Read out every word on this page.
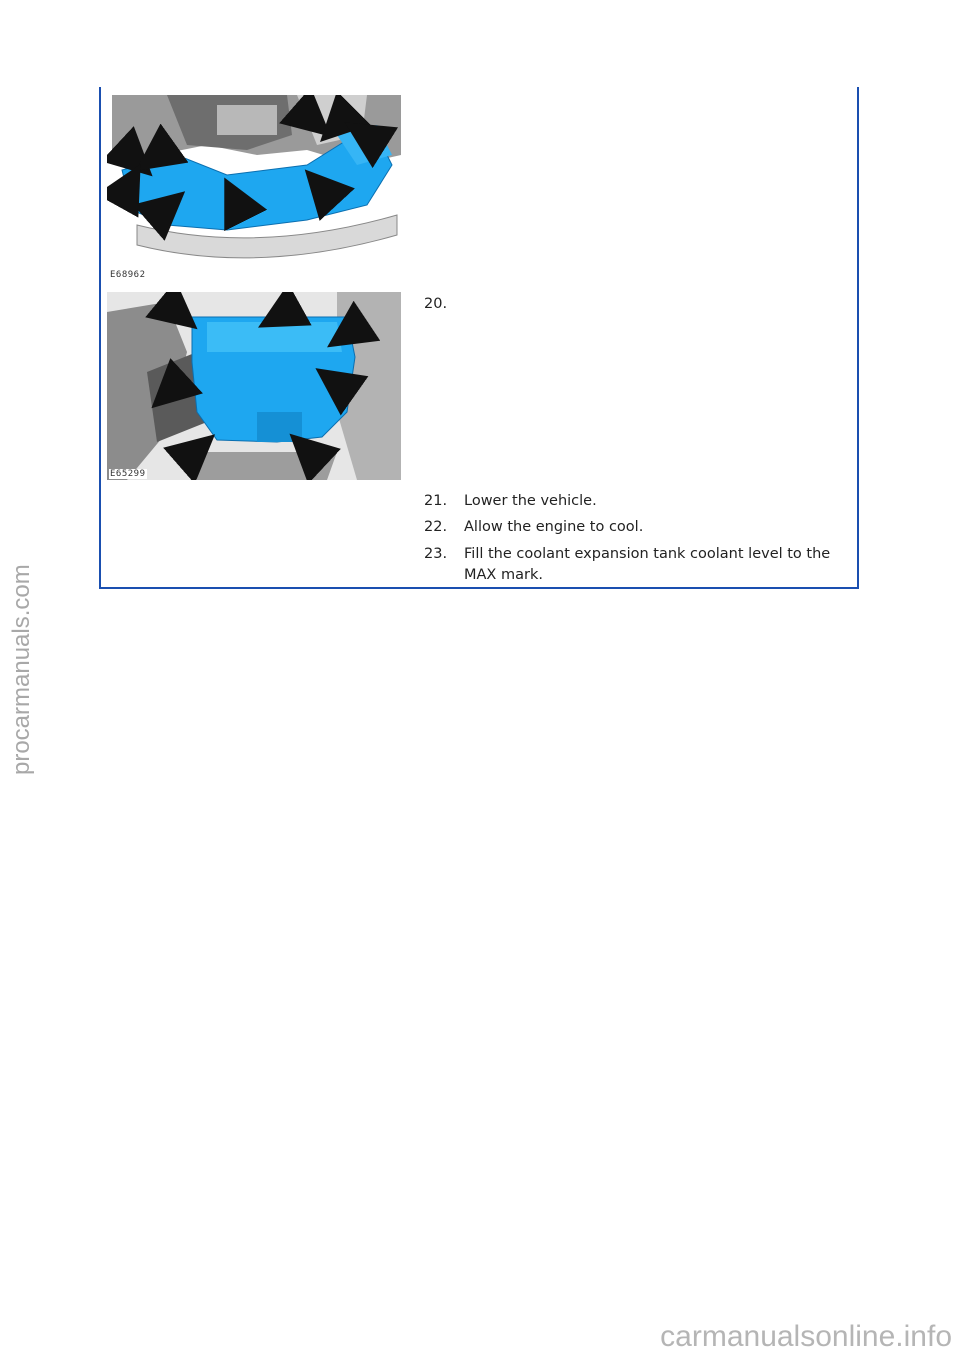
E68962
E65299
20.
21. Lower the vehicle.
22. Allow the engine to cool.
23. Fill the coolant expansion tank coolant level to the MAX mark.
procarmanuals.com
carmanualsonline.info
